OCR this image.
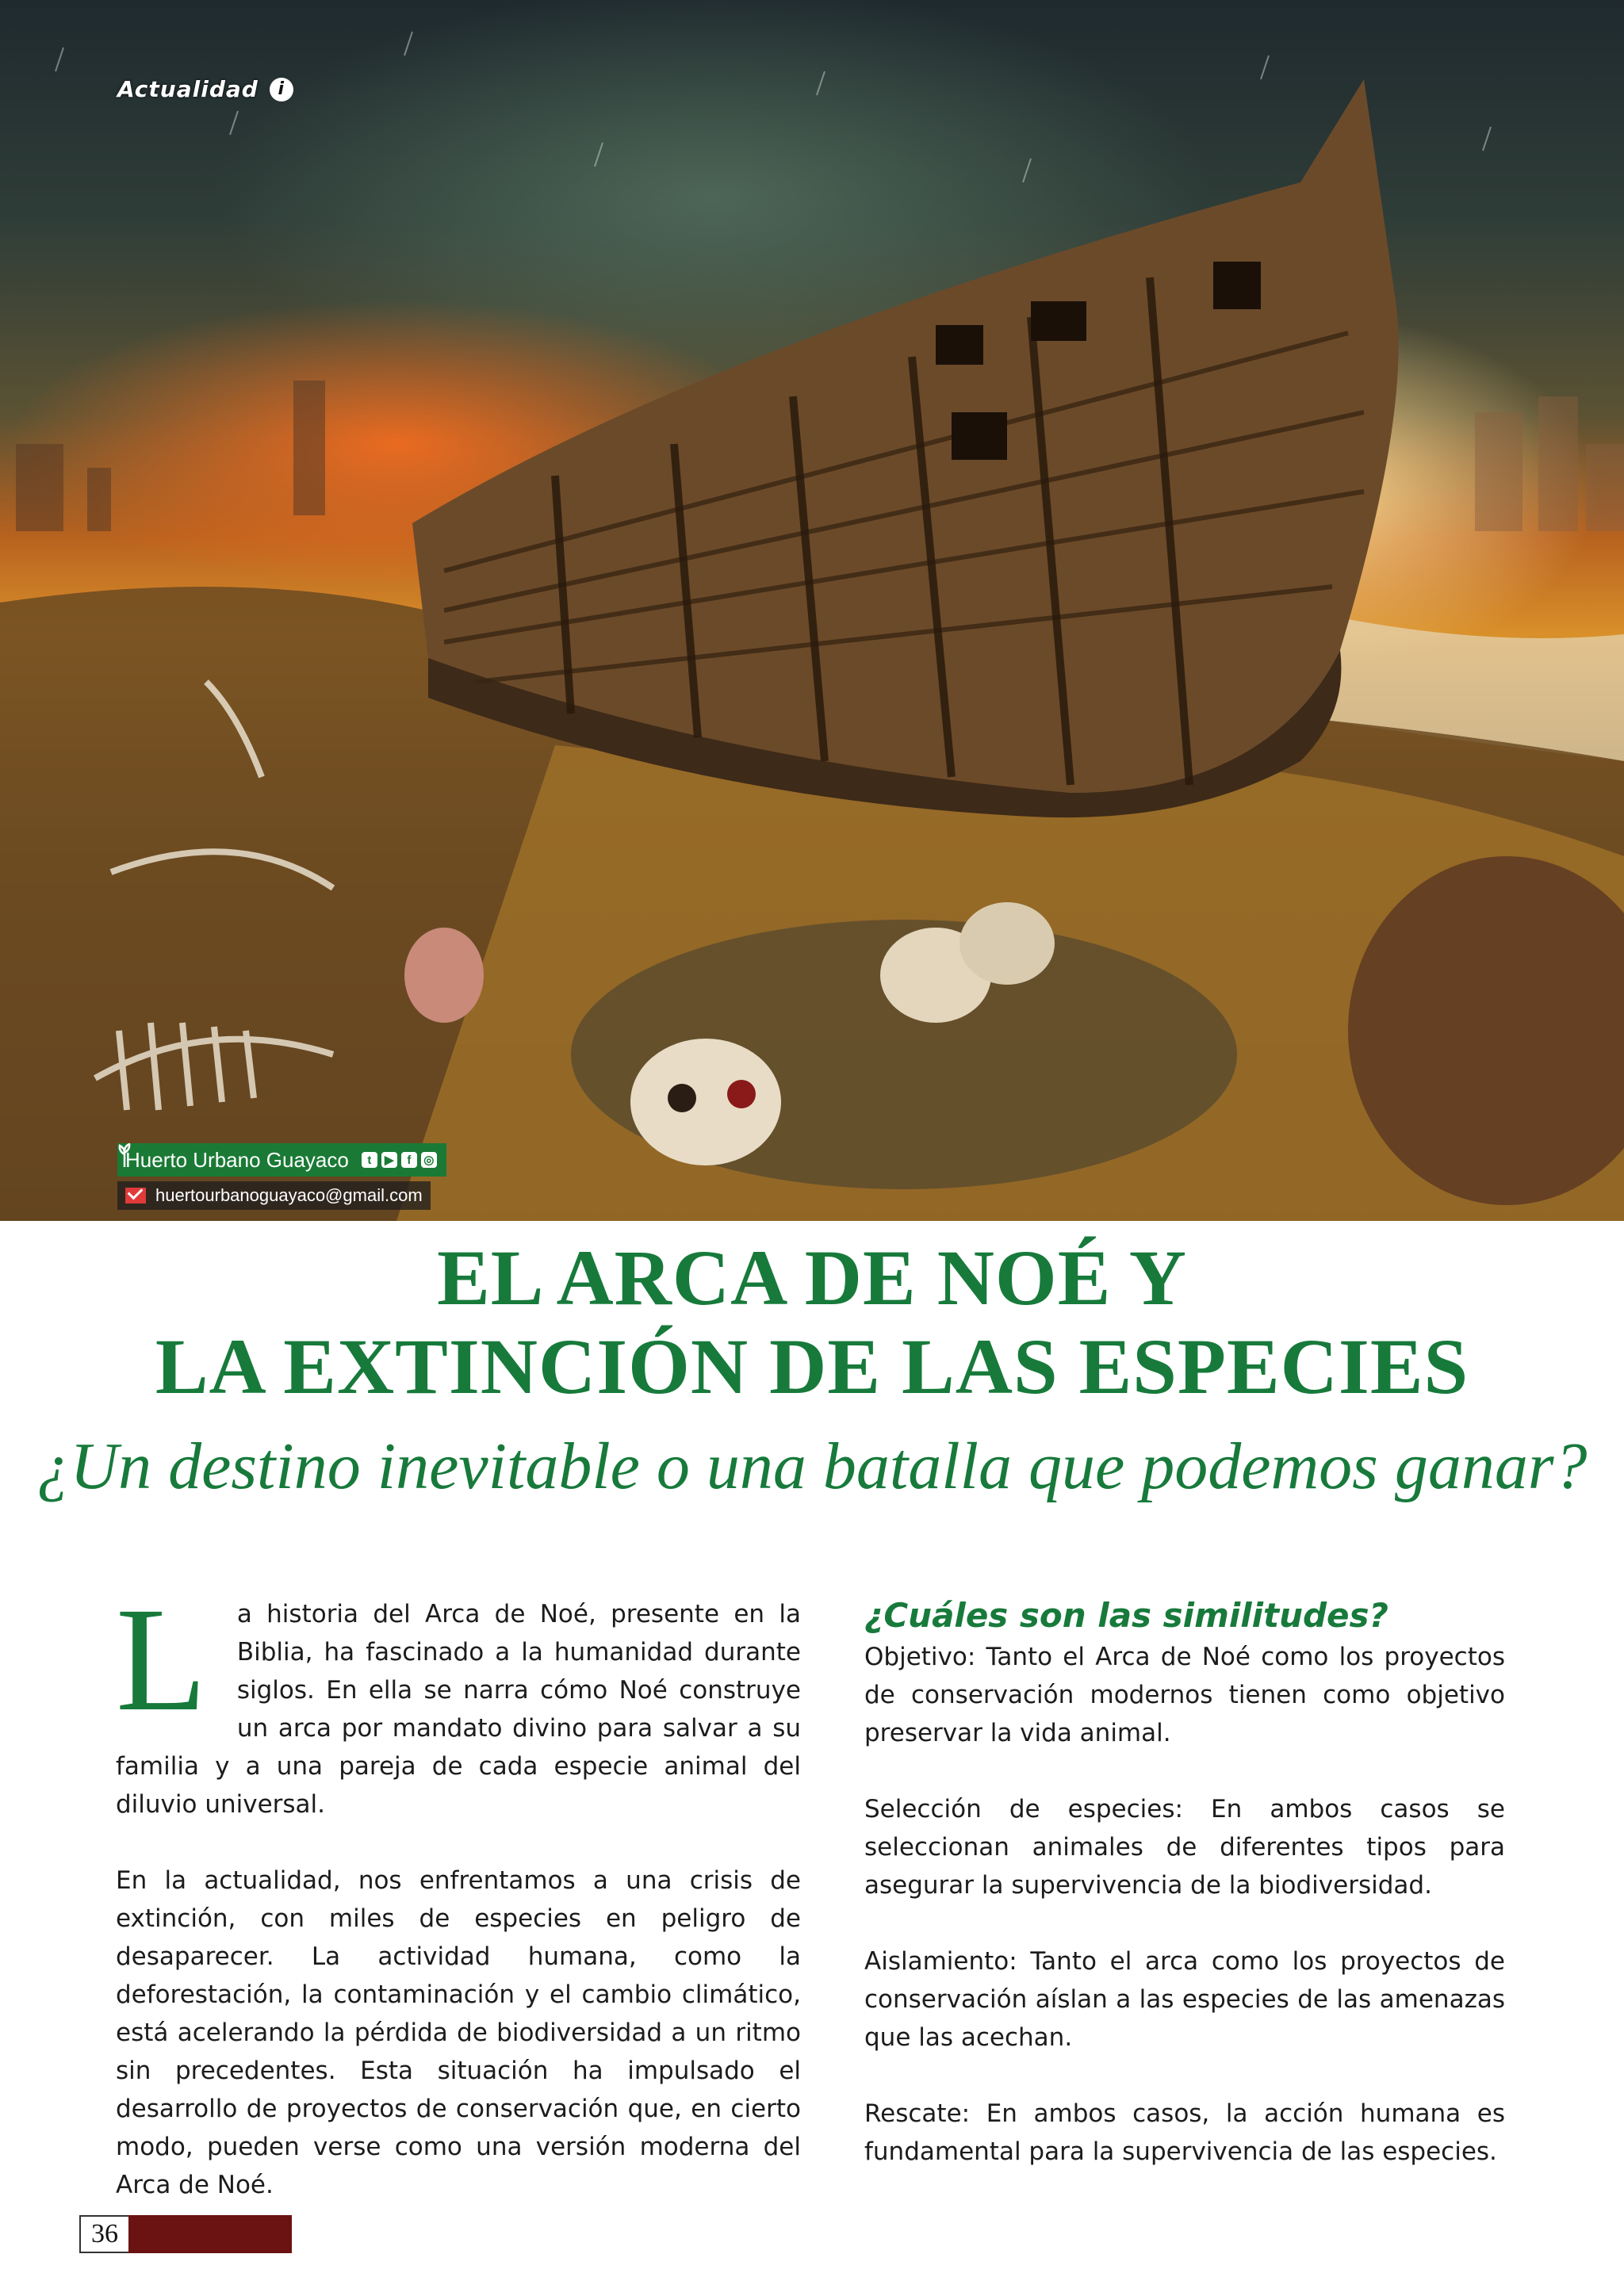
Actualidad	i
Huerto Urbano Guayaco	t	▶	f	◎
huertourbanoguayaco@gmail.com
EL ARCA DE NOÉ Y
LA EXTINCIÓN DE LAS ESPECIES
¿Un destino inevitable o una batalla que podemos ganar?

L a historia del Arca de Noé, presente en la Biblia, ha fascinado a la humanidad durante siglos. En ella se narra cómo Noé construye un arca por mandato divino para salvar a su familia y a una pareja de cada especie animal del diluvio universal.

En la actualidad, nos enfrentamos a una crisis de extinción, con miles de especies en peligro de desaparecer. La actividad humana, como la deforestación, la contaminación y el cambio climático, está acelerando la pérdida de biodiversidad a un ritmo sin precedentes. Esta situación ha impulsado el desarrollo de proyectos de conservación que, en cierto modo, pueden verse como una versión moderna del Arca de Noé.

¿Cuáles son las similitudes?

Objetivo: Tanto el Arca de Noé como los proyectos de conservación modernos tienen como objetivo preservar la vida animal.

Selección de especies: En ambos casos se seleccionan animales de diferentes tipos para asegurar la supervivencia de la biodiversidad.

Aislamiento: Tanto el arca como los proyectos de conservación aíslan a las especies de las amenazas que las acechan.

Rescate: En ambos casos, la acción humana es fundamental para la supervivencia de las especies.

36
